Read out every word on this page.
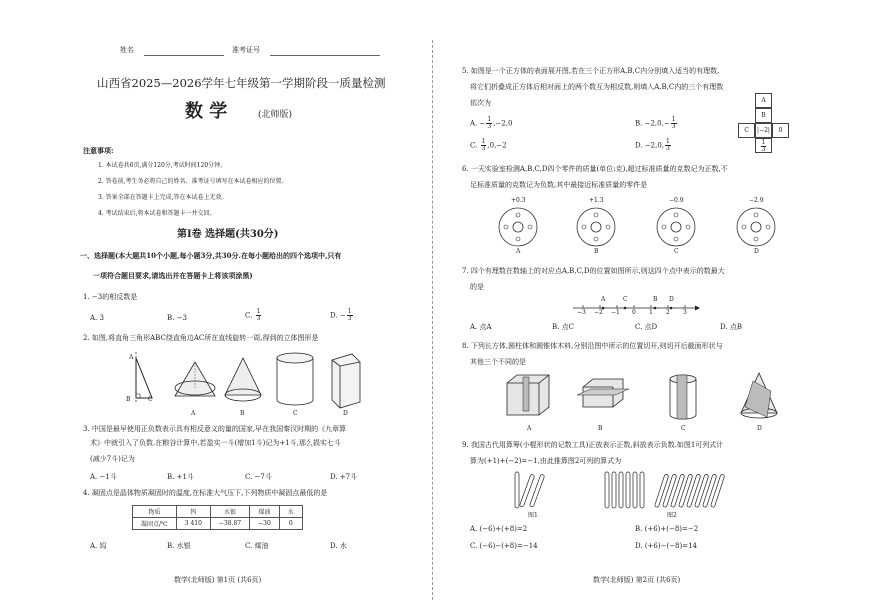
姓名	准考证号
山西省2025—2026学年七年级第一学期阶段一质量检测
数 学	(北师版)
注意事项:
1. 本试卷共6页,满分120分,考试时间120分钟。
2. 答卷前,考生务必将自己的姓名、准考证号填写在本试卷相应的位置。
3. 答案全部在答题卡上完成,答在本试卷上无效。
4. 考试结束后,将本试卷和答题卡一并交回。
第Ⅰ卷 选择题(共30分)
一、选择题(本大题共10个小题,每小题3分,共30分.在每小题给出的四个选项中,只有
一项符合题目要求,请选出并在答题卡上将该项涂黑)
1. −3的相反数是
A. 3	B. −3	C. $\frac{1}{3}$	D. − $\frac{1}{3}$
2. 如图,将直角三角形ABC绕直角边AC所在直线旋转一周,得到的立体图形是
A
B	C
A	B	C	D
3. 中国是最早使用正负数表示具有相反意义的量的国家,早在我国秦汉时期的《九章算
术》中就引入了负数.在粮谷计算中,若盈实一斗(增加1斗)记为+1斗,那么损实七斗
(减少7斗)记为
A. −1斗	B. +1斗	C. −7斗	D. +7斗
4. 凝固点是晶体物质凝固时的温度,在标准大气压下,下列物质中凝固点最低的是
物质	钨	水银	煤油	水
凝固点/℃	3 410	−38.87	−30	0
A. 钨	B. 水银	C. 煤油	D. 水
数学(北师版) 第1页 (共6页)
5. 如图是一个正方体的表面展开图,若在三个正方形A,B,C内分别填入适当的有理数,
将它们折叠成正方体后相对面上的两个数互为相反数,则填入A,B,C内的三个有理数
依次为
A. − $\frac{1}{3} ,-2,0$	B. $-2,0,- \frac{1}{3}$
C. $\frac{1}{3} ,0,-2$	D. −2,0, $\frac{1}{3}$
A
B
C	|−2|	0
$\frac{1}{3}$
6. 一天实验室检测A,B,C,D四个零件的质量(单位:克),超过标准质量的克数记为正数,不
足标准质量的克数记为负数,其中最接近标准质量的零件是
+0.3	+1.3	−0.9	−2.9
A	B	C	D
7. 四个有理数在数轴上的对应点A,B,C,D的位置如图所示,则这四个点中表示的数最大
的是
A	C	B D
−3 −2 −1 0 1 2 3
A. 点A	B. 点C	C. 点D	D. 点B
8. 下列长方体,圆柱体和圆锥体木料,分别沿图中所示的位置切开,则切开后截面形状与
其他三个不同的是
A	B	C	D
9. 我国古代用算筹(小棍形状的记数工具)正放表示正数,斜放表示负数.如图1可列式计
算为(+1)+(−2)=−1,由此推算图2可列的算式为
图1	图2
A. (−6)+(+8)=2	B. (+6)+(−8)=−2
C. (−6)−(+8)=−14	D. (+6)−(−8)=14
数学(北师版) 第2页 (共6页)
